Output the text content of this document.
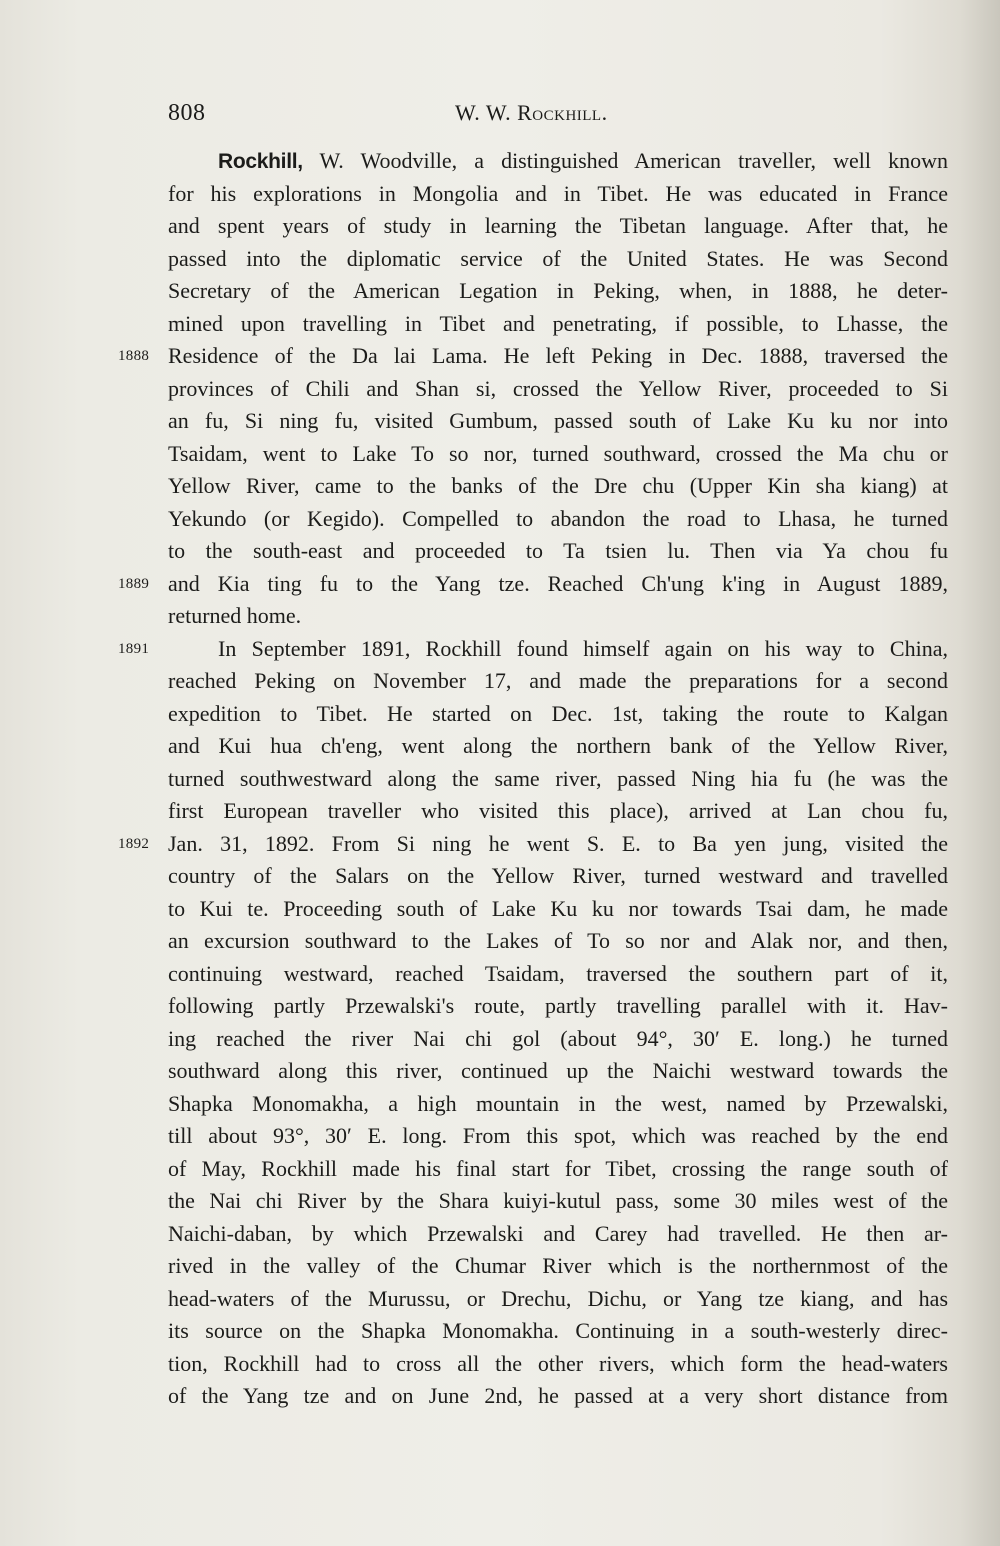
808	W. W. Rockhill.
Rockhill, W. Woodville, a distinguished American traveller, well known
for his explorations in Mongolia and in Tibet. He was educated in France
and spent years of study in learning the Tibetan language. After that, he
passed into the diplomatic service of the United States. He was Second
Secretary of the American Legation in Peking, when, in 1888, he deter-
mined upon travelling in Tibet and penetrating, if possible, to Lhasse, the
1888 Residence of the Da lai Lama. He left Peking in Dec. 1888, traversed the
provinces of Chili and Shan si, crossed the Yellow River, proceeded to Si
an fu, Si ning fu, visited Gumbum, passed south of Lake Ku ku nor into
Tsaidam, went to Lake To so nor, turned southward, crossed the Ma chu or
Yellow River, came to the banks of the Dre chu (Upper Kin sha kiang) at
Yekundo (or Kegido). Compelled to abandon the road to Lhasa, he turned
to the south-east and proceeded to Ta tsien lu. Then via Ya chou fu
1889 and Kia ting fu to the Yang tze. Reached Ch'ung k'ing in August 1889,
returned home.
1891	In September 1891, Rockhill found himself again on his way to China,
reached Peking on November 17, and made the preparations for a second
expedition to Tibet. He started on Dec. 1st, taking the route to Kalgan
and Kui hua ch'eng, went along the northern bank of the Yellow River,
turned southwestward along the same river, passed Ning hia fu (he was the
first European traveller who visited this place), arrived at Lan chou fu,
1892 Jan. 31, 1892. From Si ning he went S. E. to Ba yen jung, visited the
country of the Salars on the Yellow River, turned westward and travelled
to Kui te. Proceeding south of Lake Ku ku nor towards Tsai dam, he made
an excursion southward to the Lakes of To so nor and Alak nor, and then,
continuing westward, reached Tsaidam, traversed the southern part of it,
following partly Przewalski's route, partly travelling parallel with it. Hav-
ing reached the river Nai chi gol (about 94°, 30′ E. long.) he turned
southward along this river, continued up the Naichi westward towards the
Shapka Monomakha, a high mountain in the west, named by Przewalski,
till about 93°, 30′ E. long. From this spot, which was reached by the end
of May, Rockhill made his final start for Tibet, crossing the range south of
the Nai chi River by the Shara kuiyi-kutul pass, some 30 miles west of the
Naichi-daban, by which Przewalski and Carey had travelled. He then ar-
rived in the valley of the Chumar River which is the northernmost of the
head-waters of the Murussu, or Drechu, Dichu, or Yang tze kiang, and has
its source on the Shapka Monomakha. Continuing in a south-westerly direc-
tion, Rockhill had to cross all the other rivers, which form the head-waters
of the Yang tze and on June 2nd, he passed at a very short distance from
